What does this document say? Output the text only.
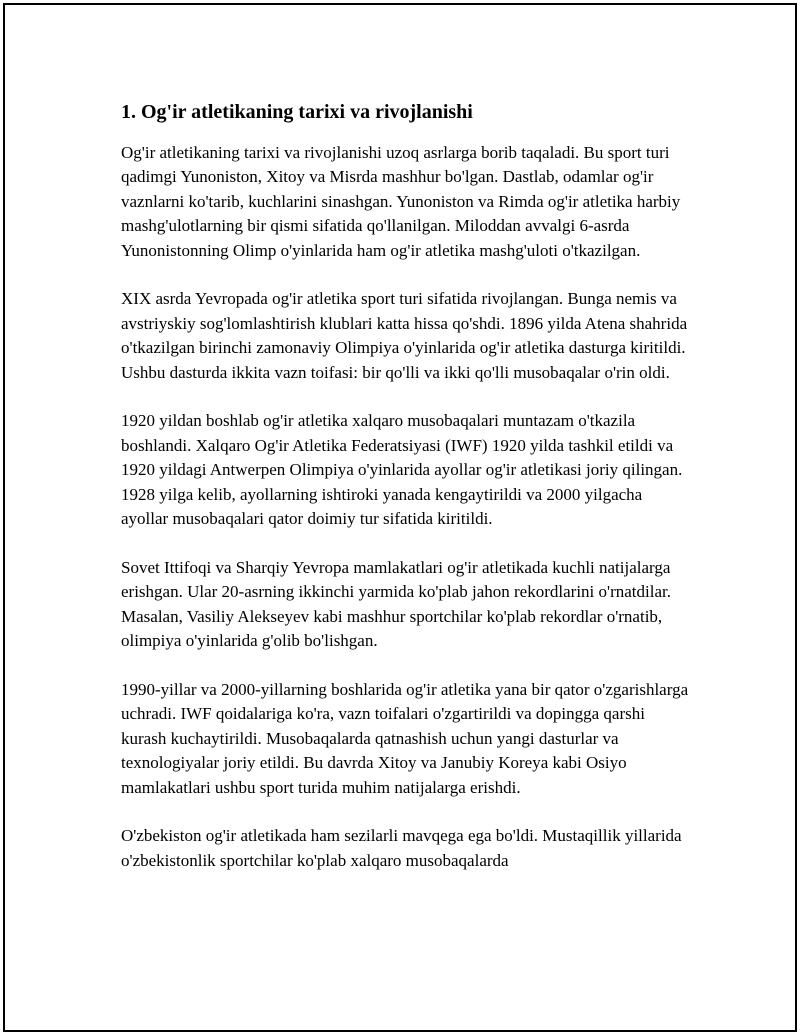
1. Og'ir atletikaning tarixi va rivojlanishi

Og'ir atletikaning tarixi va rivojlanishi uzoq asrlarga borib taqaladi. Bu sport turi qadimgi Yunoniston, Xitoy va Misrda mashhur bo'lgan. Dastlab, odamlar og'ir vaznlarni ko'tarib, kuchlarini sinashgan. Yunoniston va Rimda og'ir atletika harbiy mashg'ulotlarning bir qismi sifatida qo'llanilgan. Miloddan avvalgi 6-asrda Yunonistonning Olimp o'yinlarida ham og'ir atletika mashg'uloti o'tkazilgan.

XIX asrda Yevropada og'ir atletika sport turi sifatida rivojlangan. Bunga nemis va avstriyskiy sog'lomlashtirish klublari katta hissa qo'shdi. 1896 yilda Atena shahrida o'tkazilgan birinchi zamonaviy Olimpiya o'yinlarida og'ir atletika dasturga kiritildi. Ushbu dasturda ikkita vazn toifasi: bir qo'lli va ikki qo'lli musobaqalar o'rin oldi.

1920 yildan boshlab og'ir atletika xalqaro musobaqalari muntazam o'tkazila boshlandi. Xalqaro Og'ir Atletika Federatsiyasi (IWF) 1920 yilda tashkil etildi va 1920 yildagi Antwerpen Olimpiya o'yinlarida ayollar og'ir atletikasi joriy qilingan. 1928 yilga kelib, ayollarning ishtiroki yanada kengaytirildi va 2000 yilgacha ayollar musobaqalari qator doimiy tur sifatida kiritildi.

Sovet Ittifoqi va Sharqiy Yevropa mamlakatlari og'ir atletikada kuchli natijalarga erishgan. Ular 20-asrning ikkinchi yarmida ko'plab jahon rekordlarini o'rnatdilar. Masalan, Vasiliy Alekseyev kabi mashhur sportchilar ko'plab rekordlar o'rnatib, olimpiya o'yinlarida g'olib bo'lishgan.

1990-yillar va 2000-yillarning boshlarida og'ir atletika yana bir qator o'zgarishlarga uchradi. IWF qoidalariga ko'ra, vazn toifalari o'zgartirildi va dopingga qarshi kurash kuchaytirildi. Musobaqalarda qatnashish uchun yangi dasturlar va texnologiyalar joriy etildi. Bu davrda Xitoy va Janubiy Koreya kabi Osiyo mamlakatlari ushbu sport turida muhim natijalarga erishdi.

O'zbekiston og'ir atletikada ham sezilarli mavqega ega bo'ldi. Mustaqillik yillarida o'zbekistonlik sportchilar ko'plab xalqaro musobaqalarda
